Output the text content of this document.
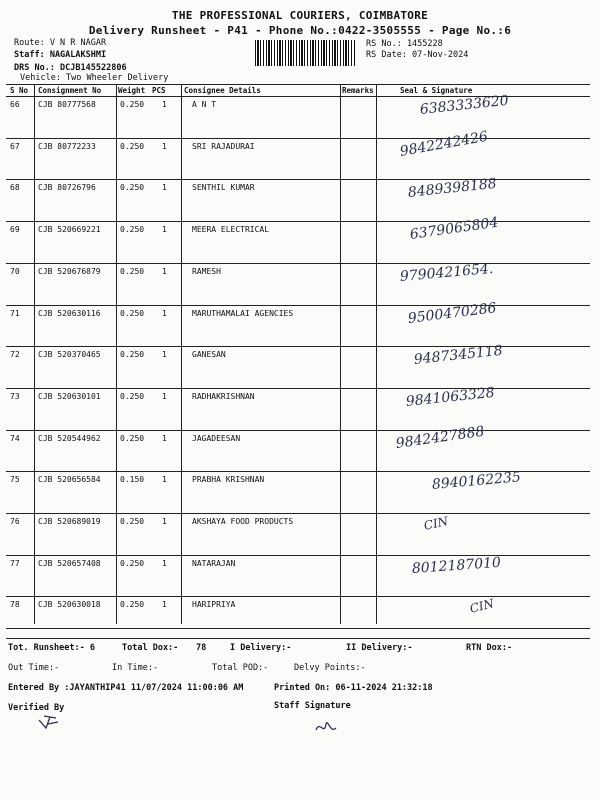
THE PROFESSIONAL COURIERS, COIMBATORE
Delivery Runsheet - P41 - Phone No.:0422-3505555 - Page No.:6
Route: V N R NAGAR
Staff: NAGALAKSHMI
DRS No.: DCJB145522806
Vehicle: Two Wheeler Delivery
RS No.: 1455228
RS Date: 07-Nov-2024
S No Consignment No Weight PCS Consignee Details	Remarks	Seal & Signature
66 CJB 80777568	0.250 1	A N T	6383333620
67 CJB 80772233	0.250 1	SRI RAJADURAI	9842242426
68 CJB 80726796	0.250 1	SENTHIL KUMAR	8489398188
69 CJB 520669221 0.250 1	MEERA ELECTRICAL	6379065804
70 CJB 520676879 0.250 1	RAMESH	9790421654.
71 CJB 520630116 0.250 1	MARUTHAMALAI AGENCIES	9500470286
72 CJB 520370465 0.250 1	GANESAN	9487345118
73 CJB 520630101 0.250 1	RADHAKRISHNAN	9841063328
74 CJB 520544962 0.250 1	JAGADEESAN	9842427888
75 CJB 520656584 0.150 1	PRABHA KRISHNAN	8940162235
76 CJB 520689019 0.250 1	AKSHAYA FOOD PRODUCTS	CIN
77 CJB 520657408 0.250 1	NATARAJAN	8012187010
78 CJB 520630018 0.250 1	HARIPRIYA	CIN
Tot. Runsheet:- 6	Total Dox:- 78	I Delivery:-	II Delivery:-	RTN Dox:-
Out Time:-	In Time:-	Total POD:-	Delvy Points:-
Entered By :JAYANTHIP41 11/07/2024 11:00:06 AM	Printed On: 06-11-2024 21:32:18
Verified By	Staff Signature
